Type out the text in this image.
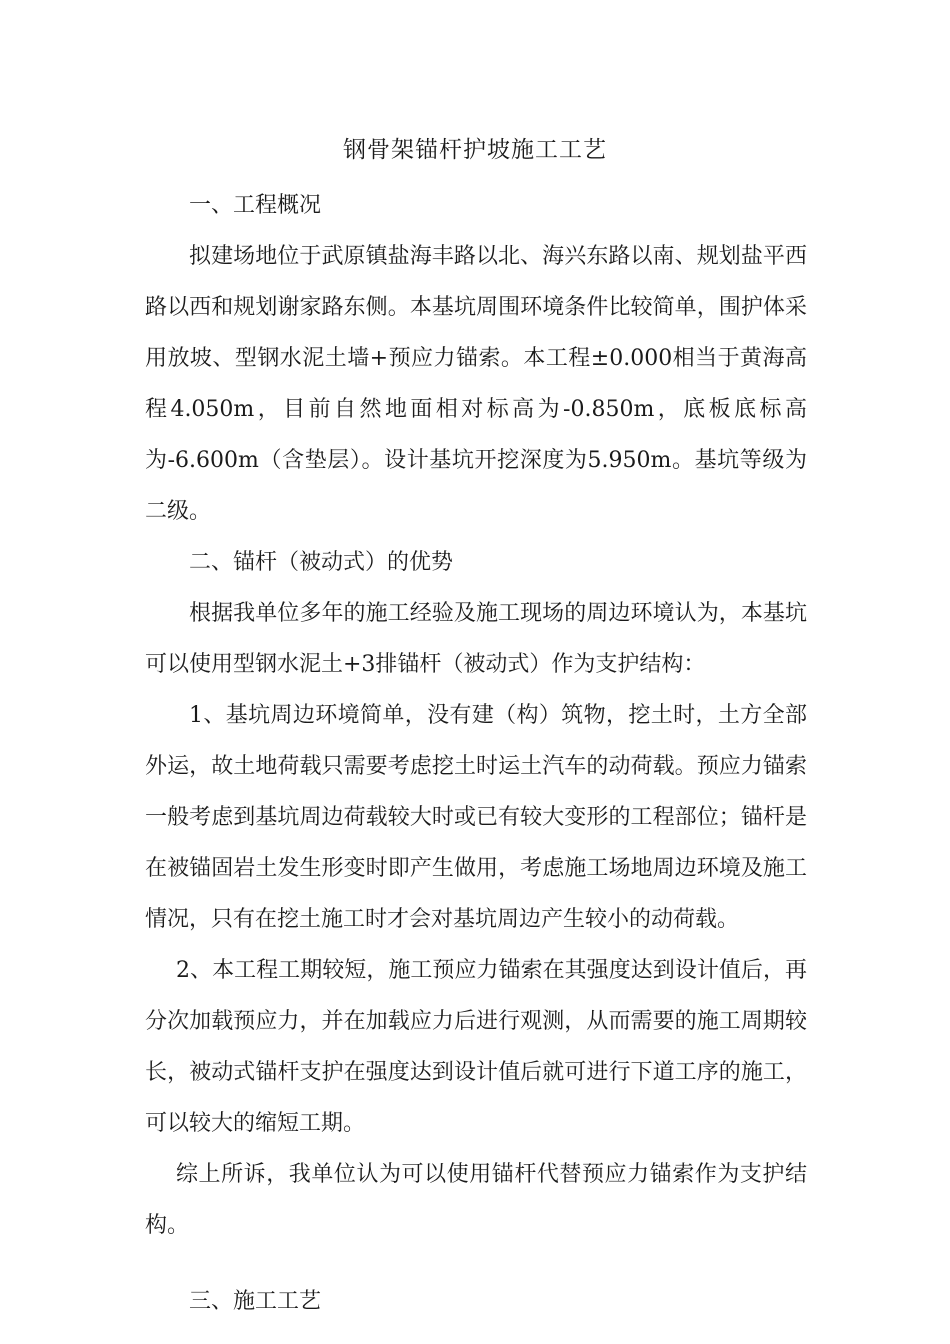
钢骨架锚杆护坡施工工艺

一、工程概况

拟建场地位于武原镇盐海丰路以北、海兴东路以南、规划盐平西路以西和规划谢家路东侧。本基坑周围环境条件比较简单，围护体采用放坡、型钢水泥土墙+预应力锚索。本工程±0.000相当于黄海高程4.050m，目前自然地面相对标高为-0.850m，底板底标高为-6.600m（含垫层）。设计基坑开挖深度为5.950m。基坑等级为二级。

二、锚杆（被动式）的优势

根据我单位多年的施工经验及施工现场的周边环境认为，本基坑可以使用型钢水泥土+3排锚杆（被动式）作为支护结构：

1、基坑周边环境简单，没有建（构）筑物，挖土时，土方全部外运，故土地荷载只需要考虑挖土时运土汽车的动荷载。预应力锚索一般考虑到基坑周边荷载较大时或已有较大变形的工程部位；锚杆是在被锚固岩土发生形变时即产生做用，考虑施工场地周边环境及施工情况，只有在挖土施工时才会对基坑周边产生较小的动荷载。

2、本工程工期较短，施工预应力锚索在其强度达到设计值后，再分次加载预应力，并在加载应力后进行观测，从而需要的施工周期较长，被动式锚杆支护在强度达到设计值后就可进行下道工序的施工，可以较大的缩短工期。

综上所诉，我单位认为可以使用锚杆代替预应力锚索作为支护结构。

三、施工工艺
